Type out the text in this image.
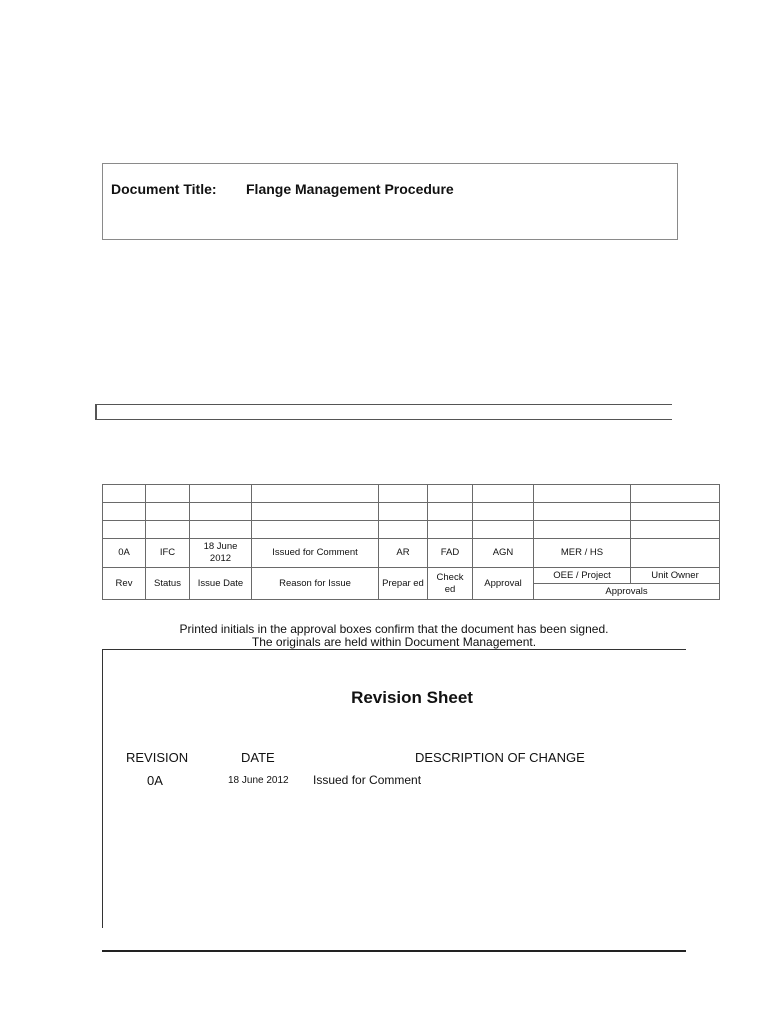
Document Title: Flange Management Procedure

0A	IFC	18 June 2012	Issued for Comment	AR	FAD	AGN	MER / HS	
Rev	Status	Issue Date	Reason for Issue	Prepar ed	Check ed	Approval	OEE / Project	Unit Owner
							Approvals	
Printed initials in the approval boxes confirm that the document has been signed.
The originals are held within Document Management.
Revision Sheet
REVISION	DATE	DESCRIPTION OF CHANGE
0A	18 June 2012 Issued for Comment
